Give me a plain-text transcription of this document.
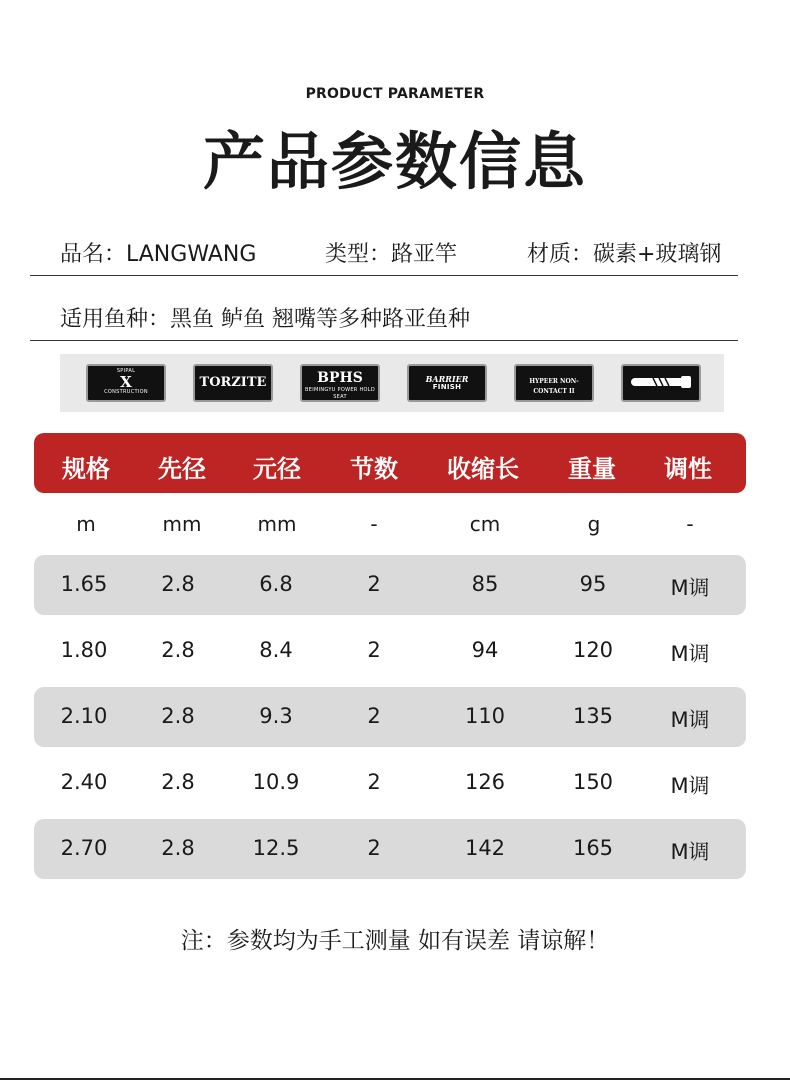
PRODUCT PARAMETER
产品参数信息
品名：LANGWANG	类型：路亚竿	材质：碳素+玻璃钢
适用鱼种：黑鱼 鲈鱼 翘嘴等多种路亚鱼种
SPIPAL
X
CONSTRUCTION
TORZITE	BPHS
BEIMINGYU POWER HOLD SEAT
BARRIER
FINISH
HYPEER NON-CONTACT II
规格	先径	元径	节数	收缩长	重量	调性
m	mm	mm	-	cm	g	-
1.65	2.8	6.8	2	85	95	M调
1.80	2.8	8.4	2	94	120	M调
2.10	2.8	9.3	2	110	135	M调
2.40	2.8	10.9	2	126	150	M调
2.70	2.8	12.5	2	142	165	M调
注：参数均为手工测量 如有误差 请谅解！
